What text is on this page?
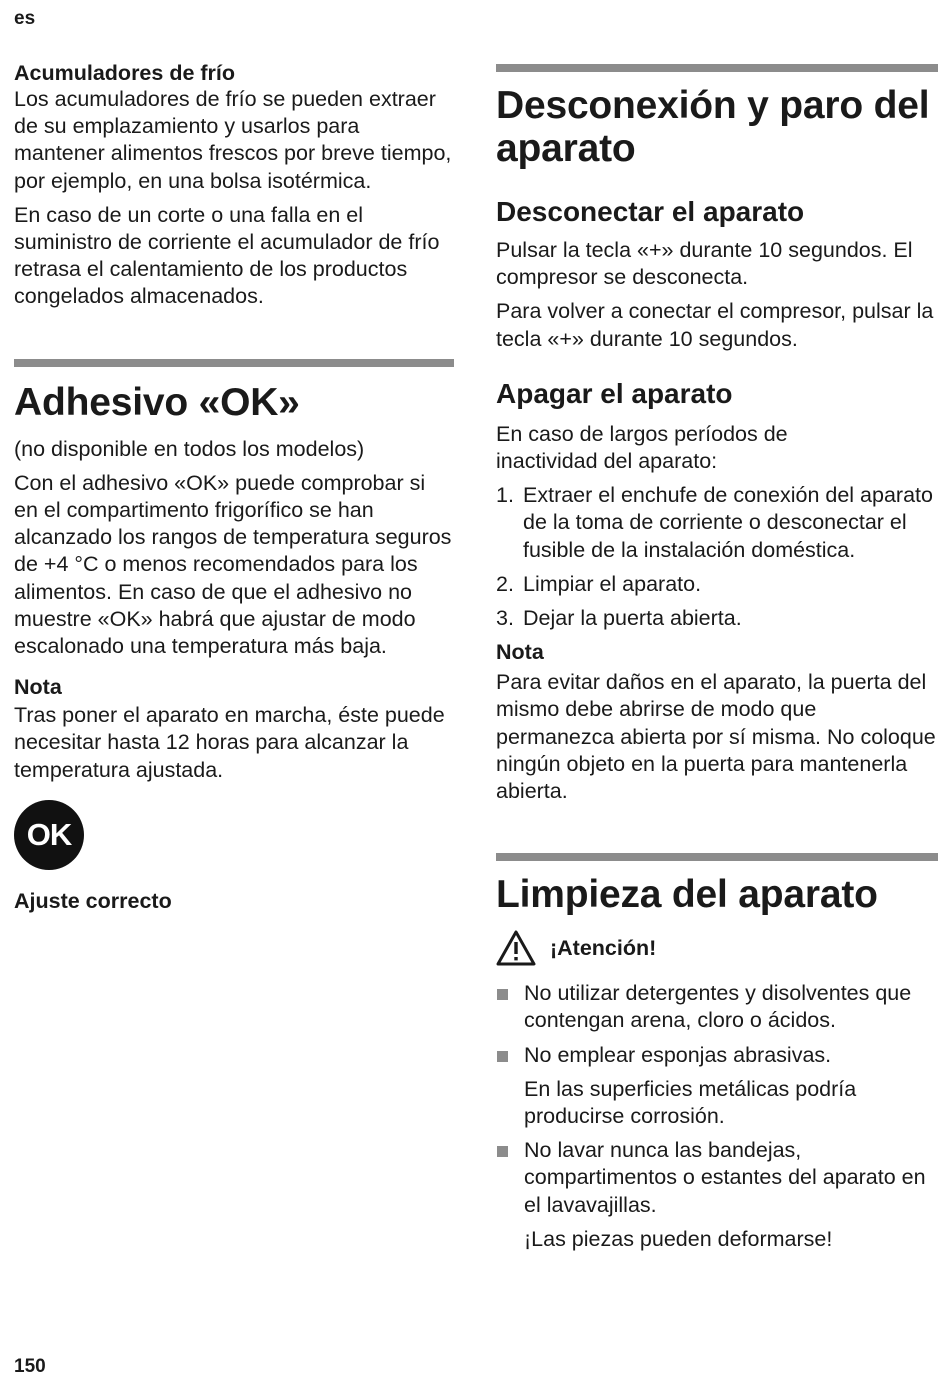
es
150
Acumuladores de frío

Los acumuladores de frío se pueden extraer de su emplazamiento y usarlos para mantener alimentos frescos por breve tiempo, por ejemplo, en una bolsa isotérmica.

En caso de un corte o una falla en el suministro de corriente el acumulador de frío retrasa el calentamiento de los productos congelados almacenados.

Adhesivo «OK»

(no disponible en todos los modelos)

Con el adhesivo «OK» puede comprobar si en el compartimento frigorífico se han alcanzado los rangos de temperatura seguros de +4 °C o menos recomendados para los alimentos. En caso de que el adhesivo no muestre «OK» habrá que ajustar de modo escalonado una temperatura más baja.

Nota

Tras poner el aparato en marcha, éste puede necesitar hasta 12 horas para alcanzar la temperatura ajustada.

OK
Ajuste correcto
Desconexión y paro del aparato
Desconectar el aparato

Pulsar la tecla «+» durante 10 segundos. El compresor se desconecta.

Para volver a conectar el compresor, pulsar la tecla «+» durante 10 segundos.

Apagar el aparato

En caso de largos períodos de inactividad del aparato:

1. Extraer el enchufe de conexión del aparato de la toma de corriente o desconectar el fusible de la instalación doméstica.
2. Limpiar el aparato.
3. Dejar la puerta abierta.
Nota

Para evitar daños en el aparato, la puerta del mismo debe abrirse de modo que permanezca abierta por sí misma. No coloque ningún objeto en la puerta para mantenerla abierta.

Limpieza del aparato
¡Atención!

No utilizar detergentes y disolventes que contengan arena, cloro o ácidos.

No emplear esponjas abrasivas.

En las superficies metálicas podría producirse corrosión.

No lavar nunca las bandejas, compartimentos o estantes del aparato en el lavavajillas.

¡Las piezas pueden deformarse!
